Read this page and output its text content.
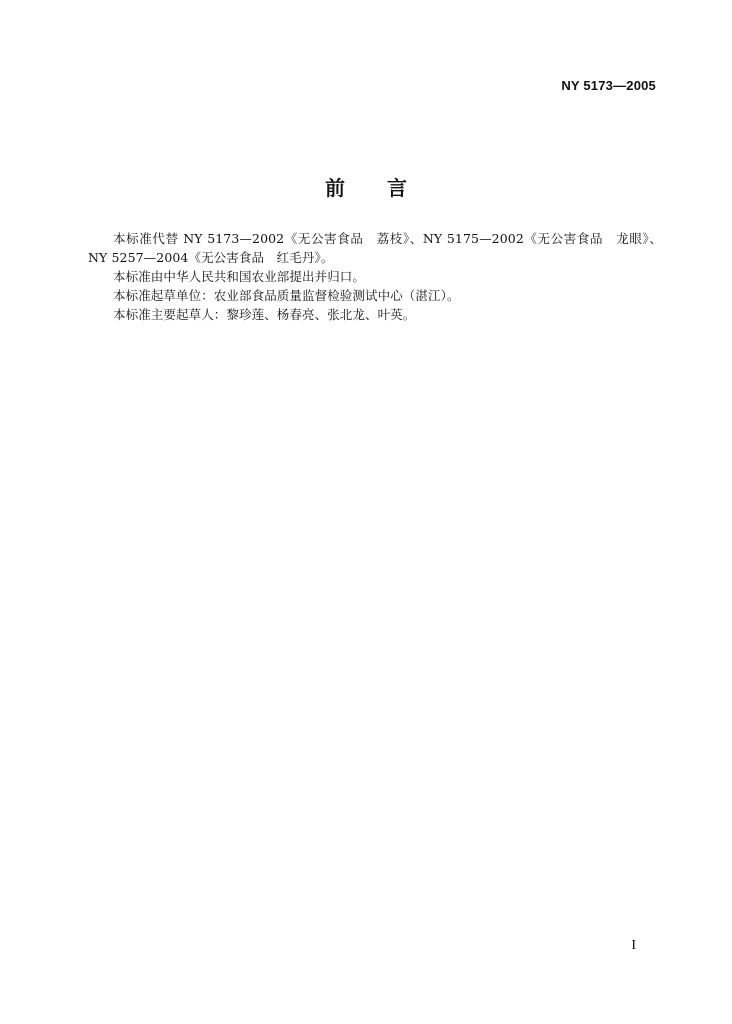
NY 5173—2005
前言

本标准代替 NY 5173—2002《无公害食品　荔枝》、NY 5175—2002《无公害食品　龙眼》、NY 5257—2004《无公害食品　红毛丹》。

本标准由中华人民共和国农业部提出并归口。

本标准起草单位：农业部食品质量监督检验测试中心（湛江）。

本标准主要起草人：黎珍莲、杨春亮、张北龙、叶英。

I
